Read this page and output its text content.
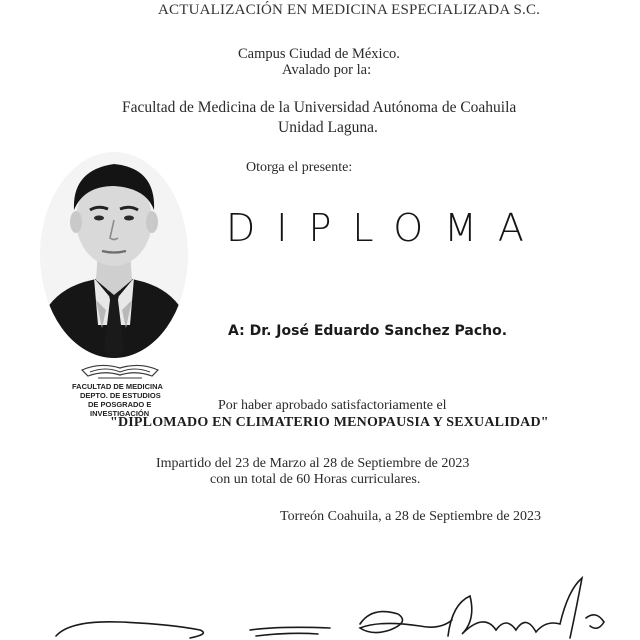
ACTUALIZACIÓN EN MEDICINA ESPECIALIZADA S.C.
Campus Ciudad de México.
Avalado por la:
Facultad de Medicina de la Universidad Autónoma de Coahuila
Unidad Laguna.
Otorga el presente:
DIPLOMA
A: Dr. José Eduardo Sanchez Pacho.
FACULTAD DE MEDICINA
DEPTO. DE ESTUDIOS
DE POSGRADO E
INVESTIGACIÓN
Por haber aprobado satisfactoriamente el
"DIPLOMADO EN CLIMATERIO MENOPAUSIA Y SEXUALIDAD"
Impartido del 23 de Marzo al 28 de Septiembre de 2023
con un total de 60 Horas curriculares.
Torreón Coahuila, a 28 de Septiembre de 2023
